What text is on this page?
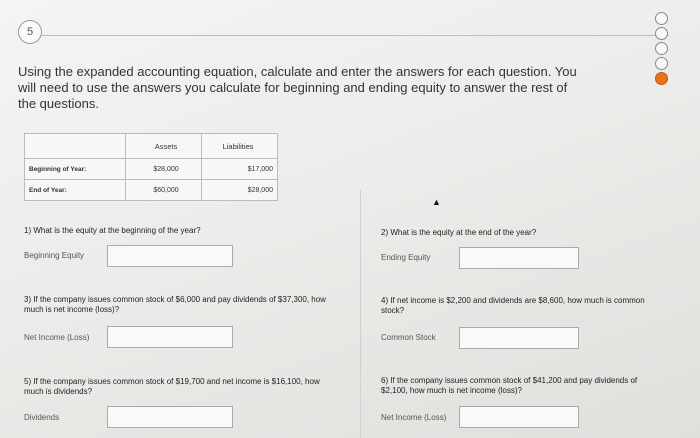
5
Using the expanded accounting equation, calculate and enter the answers for each question. You will need to use the answers you calculate for beginning and ending equity to answer the rest of the questions.
	Assets	Liabilities
Beginning of Year:	$28,000	$17,000
End of Year:	$60,000	$28,000
▲
1) What is the equity at the beginning of the year?
Beginning Equity
2) What is the equity at the end of the year?
Ending Equity
3) If the company issues common stock of $6,000 and pay dividends of $37,300, how much is net income (loss)?
Net Income (Loss)
4) If net income is $2,200 and dividends are $8,600, how much is common stock?
Common Stock
5) If the company issues common stock of $19,700 and net income is $16,100, how much is dividends?
Dividends
6) If the company issues common stock of $41,200 and pay dividends of $2,100, how much is net income (loss)?
Net Income (Loss)
